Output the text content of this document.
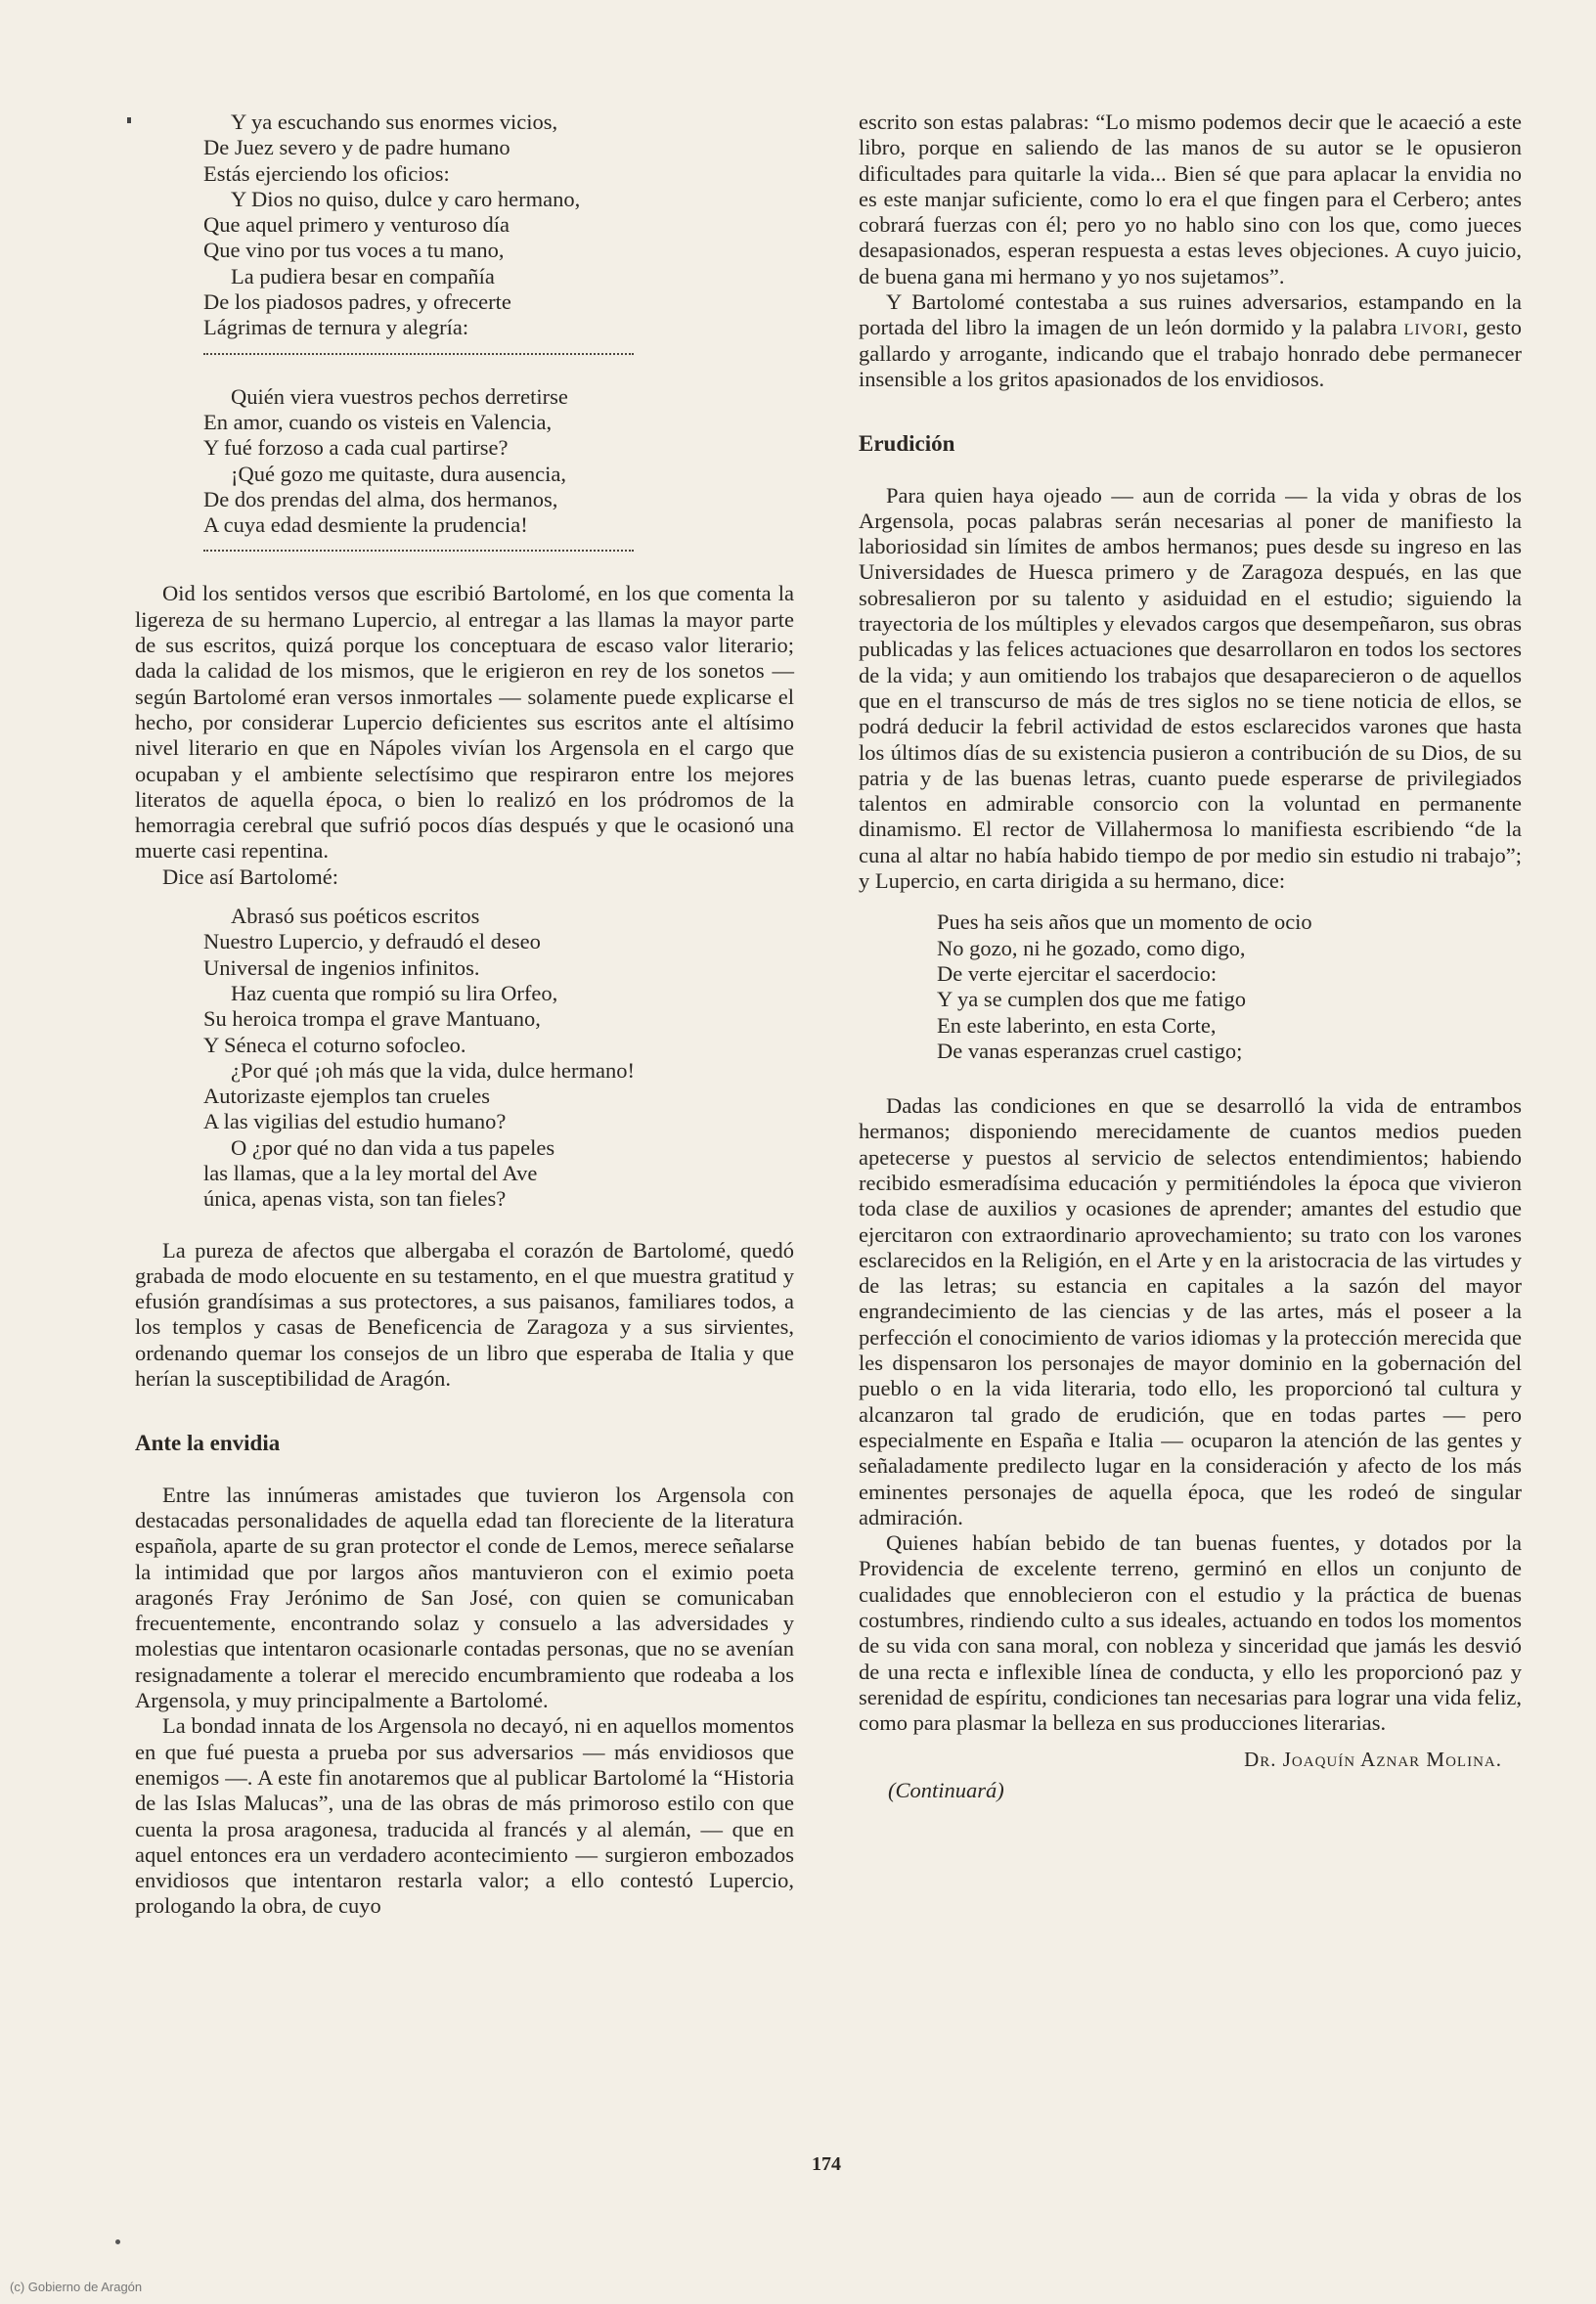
Y ya escuchando sus enormes vicios,
De Juez severo y de padre humano
Estás ejerciendo los oficios:
Y Dios no quiso, dulce y caro hermano,
Que aquel primero y venturoso día
Que vino por tus voces a tu mano,
La pudiera besar en compañía
De los piadosos padres, y ofrecerte
Lágrimas de ternura y alegría:
Quién viera vuestros pechos derretirse
En amor, cuando os visteis en Valencia,
Y fué forzoso a cada cual partirse?
¡Qué gozo me quitaste, dura ausencia,
De dos prendas del alma, dos hermanos,
A cuya edad desmiente la prudencia!

Oid los sentidos versos que escribió Bartolomé, en los que comenta la ligereza de su hermano Lupercio, al entregar a las llamas la mayor parte de sus escritos, quizá porque los conceptuara de escaso valor literario; dada la calidad de los mismos, que le erigieron en rey de los sonetos — según Bartolomé eran versos inmortales — solamente puede explicarse el hecho, por considerar Lupercio deficientes sus escritos ante el altísimo nivel literario en que en Nápoles vivían los Argensola en el cargo que ocupaban y el ambiente selectísimo que respiraron entre los mejores literatos de aquella época, o bien lo realizó en los pródromos de la hemorragia cerebral que sufrió pocos días después y que le ocasionó una muerte casi repentina.

Dice así Bartolomé:

Abrasó sus poéticos escritos
Nuestro Lupercio, y defraudó el deseo
Universal de ingenios infinitos.
Haz cuenta que rompió su lira Orfeo,
Su heroica trompa el grave Mantuano,
Y Séneca el coturno sofocleo.
¿Por qué ¡oh más que la vida, dulce hermano!
Autorizaste ejemplos tan crueles
A las vigilias del estudio humano?
O ¿por qué no dan vida a tus papeles
las llamas, que a la ley mortal del Ave
única, apenas vista, son tan fieles?

La pureza de afectos que albergaba el corazón de Bartolomé, quedó grabada de modo elocuente en su testamento, en el que muestra gratitud y efusión grandísimas a sus protectores, a sus paisanos, familiares todos, a los templos y casas de Beneficencia de Zaragoza y a sus sirvientes, ordenando quemar los consejos de un libro que esperaba de Italia y que herían la susceptibilidad de Aragón.

Ante la envidia

Entre las innúmeras amistades que tuvieron los Argensola con destacadas personalidades de aquella edad tan floreciente de la literatura española, aparte de su gran protector el conde de Lemos, merece señalarse la intimidad que por largos años mantuvieron con el eximio poeta aragonés Fray Jerónimo de San José, con quien se comunicaban frecuentemente, encontrando solaz y consuelo a las adversidades y molestias que intentaron ocasionarle contadas personas, que no se avenían resignadamente a tolerar el merecido encumbramiento que rodeaba a los Argensola, y muy principalmente a Bartolomé.

La bondad innata de los Argensola no decayó, ni en aquellos momentos en que fué puesta a prueba por sus adversarios — más envidiosos que enemigos —. A este fin anotaremos que al publicar Bartolomé la “Historia de las Islas Malucas”, una de las obras de más primoroso estilo con que cuenta la prosa aragonesa, traducida al francés y al alemán, — que en aquel entonces era un verdadero acontecimiento — surgieron embozados envidiosos que intentaron restarla valor; a ello contestó Lupercio, prologando la obra, de cuyo

escrito son estas palabras: “Lo mismo podemos decir que le acaeció a este libro, porque en saliendo de las manos de su autor se le opusieron dificultades para quitarle la vida... Bien sé que para aplacar la envidia no es este manjar suficiente, como lo era el que fingen para el Cerbero; antes cobrará fuerzas con él; pero yo no hablo sino con los que, como jueces desapasionados, esperan respuesta a estas leves objeciones. A cuyo juicio, de buena gana mi hermano y yo nos sujetamos”.

Y Bartolomé contestaba a sus ruines adversarios, estampando en la portada del libro la imagen de un león dormido y la palabra livori, gesto gallardo y arrogante, indicando que el trabajo honrado debe permanecer insensible a los gritos apasionados de los envidiosos.

Erudición

Para quien haya ojeado — aun de corrida — la vida y obras de los Argensola, pocas palabras serán necesarias al poner de manifiesto la laboriosidad sin límites de ambos hermanos; pues desde su ingreso en las Universidades de Huesca primero y de Zaragoza después, en las que sobresalieron por su talento y asiduidad en el estudio; siguiendo la trayectoria de los múltiples y elevados cargos que desempeñaron, sus obras publicadas y las felices actuaciones que desarrollaron en todos los sectores de la vida; y aun omitiendo los trabajos que desaparecieron o de aquellos que en el transcurso de más de tres siglos no se tiene noticia de ellos, se podrá deducir la febril actividad de estos esclarecidos varones que hasta los últimos días de su existencia pusieron a contribución de su Dios, de su patria y de las buenas letras, cuanto puede esperarse de privilegiados talentos en admirable consorcio con la voluntad en permanente dinamismo. El rector de Villahermosa lo manifiesta escribiendo “de la cuna al altar no había habido tiempo de por medio sin estudio ni trabajo”; y Lupercio, en carta dirigida a su hermano, dice:

Pues ha seis años que un momento de ocio
No gozo, ni he gozado, como digo,
De verte ejercitar el sacerdocio:
Y ya se cumplen dos que me fatigo
En este laberinto, en esta Corte,
De vanas esperanzas cruel castigo;

Dadas las condiciones en que se desarrolló la vida de entrambos hermanos; disponiendo merecidamente de cuantos medios pueden apetecerse y puestos al servicio de selectos entendimientos; habiendo recibido esmeradísima educación y permitiéndoles la época que vivieron toda clase de auxilios y ocasiones de aprender; amantes del estudio que ejercitaron con extraordinario aprovechamiento; su trato con los varones esclarecidos en la Religión, en el Arte y en la aristocracia de las virtudes y de las letras; su estancia en capitales a la sazón del mayor engrandecimiento de las ciencias y de las artes, más el poseer a la perfección el conocimiento de varios idiomas y la protección merecida que les dispensaron los personajes de mayor dominio en la gobernación del pueblo o en la vida literaria, todo ello, les proporcionó tal cultura y alcanzaron tal grado de erudición, que en todas partes — pero especialmente en España e Italia — ocuparon la atención de las gentes y señaladamente predilecto lugar en la consideración y afecto de los más eminentes personajes de aquella época, que les rodeó de singular admiración.

Quienes habían bebido de tan buenas fuentes, y dotados por la Providencia de excelente terreno, germinó en ellos un conjunto de cualidades que ennoblecieron con el estudio y la práctica de buenas costumbres, rindiendo culto a sus ideales, actuando en todos los momentos de su vida con sana moral, con nobleza y sinceridad que jamás les desvió de una recta e inflexible línea de conducta, y ello les proporcionó paz y serenidad de espíritu, condiciones tan necesarias para lograr una vida feliz, como para plasmar la belleza en sus producciones literarias.

Dr. Joaquín Aznar Molina.
(Continuará)
174
(c) Gobierno de Aragón
